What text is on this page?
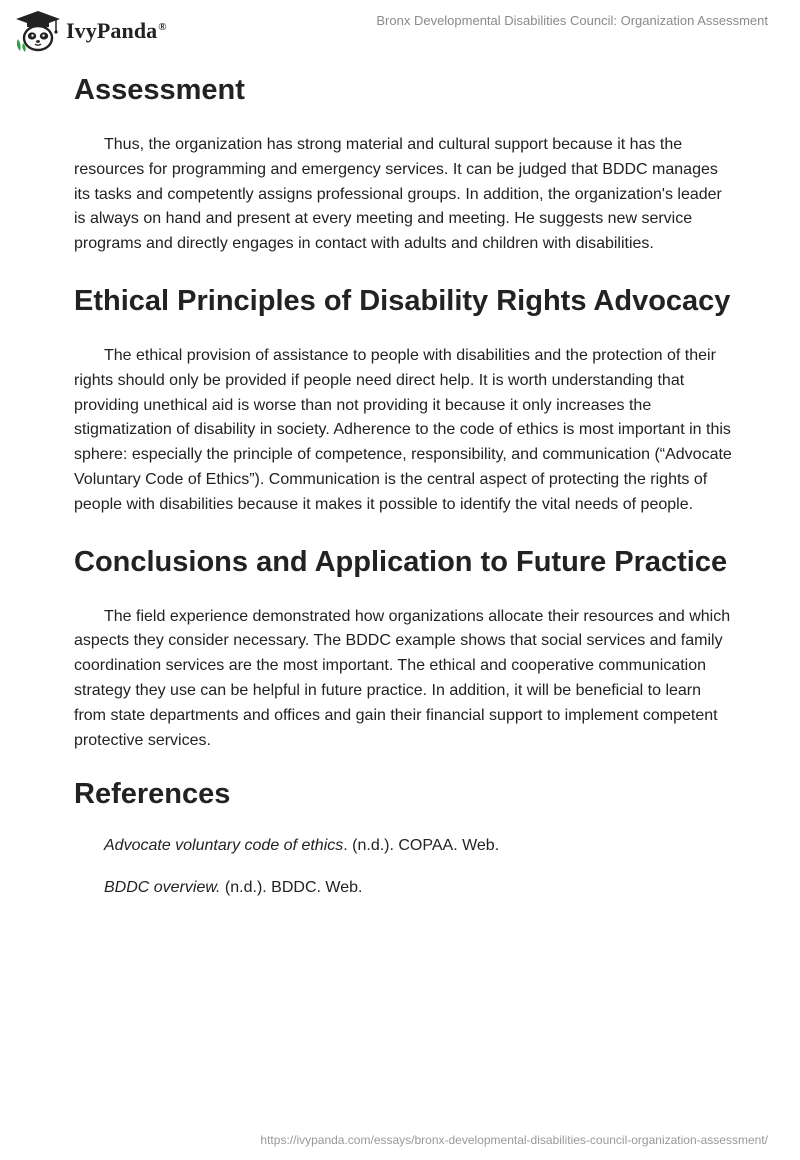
IvyPanda®	Bronx Developmental Disabilities Council: Organization Assessment
Assessment

Thus, the organization has strong material and cultural support because it has the resources for programming and emergency services. It can be judged that BDDC manages its tasks and competently assigns professional groups. In addition, the organization's leader is always on hand and present at every meeting and meeting. He suggests new service programs and directly engages in contact with adults and children with disabilities.

Ethical Principles of Disability Rights Advocacy

The ethical provision of assistance to people with disabilities and the protection of their rights should only be provided if people need direct help. It is worth understanding that providing unethical aid is worse than not providing it because it only increases the stigmatization of disability in society. Adherence to the code of ethics is most important in this sphere: especially the principle of competence, responsibility, and communication (“Advocate Voluntary Code of Ethics”). Communication is the central aspect of protecting the rights of people with disabilities because it makes it possible to identify the vital needs of people.

Conclusions and Application to Future Practice

The field experience demonstrated how organizations allocate their resources and which aspects they consider necessary. The BDDC example shows that social services and family coordination services are the most important. The ethical and cooperative communication strategy they use can be helpful in future practice. In addition, it will be beneficial to learn from state departments and offices and gain their financial support to implement competent protective services.

References

Advocate voluntary code of ethics. (n.d.). COPAA. Web.

BDDC overview. (n.d.). BDDC. Web.

https://ivypanda.com/essays/bronx-developmental-disabilities-council-organization-assessment/
